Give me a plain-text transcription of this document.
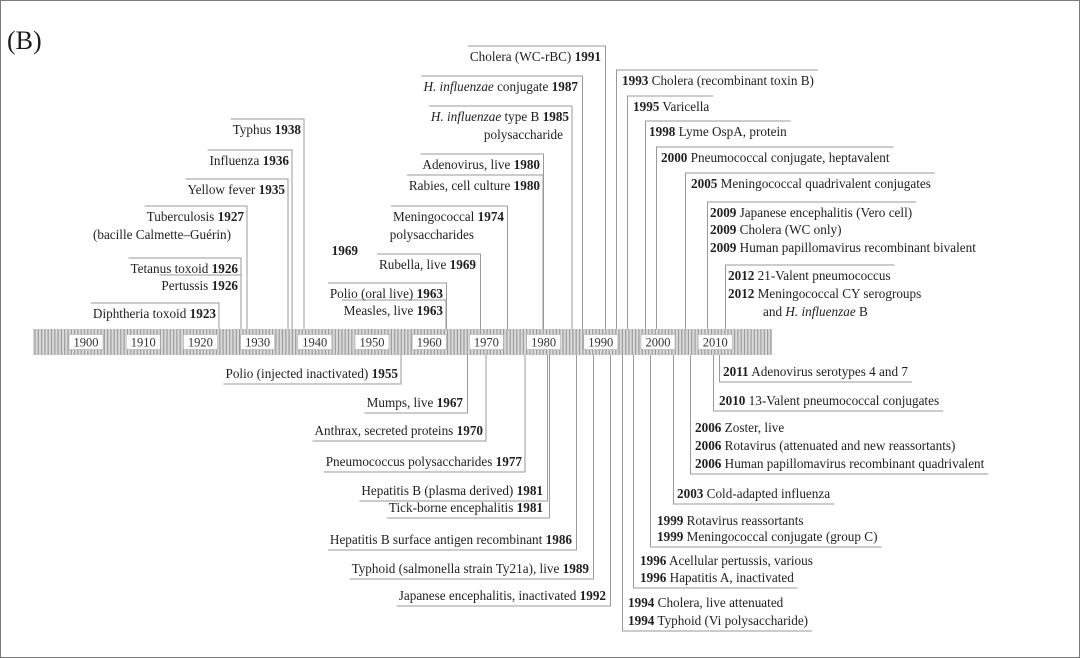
(B)
1900	1910	1920	1930	1940	1950	1960	1970	1980	1990	2000	2010
Diphtheria toxoid 1923
Pertussis 1926
Tetanus toxoid 1926
Tuberculosis 1927
(bacille Calmette–Guérin)
Yellow fever 1935
Influenza 1936
Typhus 1938
Measles, live 1963
Polio (oral live) 1963
1969
Rubella, live 1969
Meningococcal 1974
polysaccharides
Rabies, cell culture 1980
Adenovirus, live 1980
H. influenzae type B 1985
polysaccharide
H. influenzae conjugate 1987
Cholera (WC-rBC) 1991
1993 Cholera (recombinant toxin B)
1995 Varicella
1998 Lyme OspA, protein
2000 Pneumococcal conjugate, heptavalent
2005 Meningococcal quadrivalent conjugates
2009 Japanese encephalitis (Vero cell)
2009 Cholera (WC only)
2009 Human papillomavirus recombinant bivalent
2012 21-Valent pneumococcus
2012 Meningococcal CY serogroups
and H. influenzae B
Polio (injected inactivated) 1955
Mumps, live 1967
Anthrax, secreted proteins 1970
Pneumococcus polysaccharides 1977
Hepatitis B (plasma derived) 1981
Tick-borne encephalitis 1981
Hepatitis B surface antigen recombinant 1986
Typhoid (salmonella strain Ty21a), live 1989
Japanese encephalitis, inactivated 1992
2011 Adenovirus serotypes 4 and 7
2010 13-Valent pneumococcal conjugates
2006 Zoster, live
2006 Rotavirus (attenuated and new reassortants)
2006 Human papillomavirus recombinant quadrivalent
2003 Cold-adapted influenza
1999 Rotavirus reassortants
1999 Meningococcal conjugate (group C)
1996 Acellular pertussis, various
1996 Hapatitis A, inactivated
1994 Cholera, live attenuated
1994 Typhoid (Vi polysaccharide)
